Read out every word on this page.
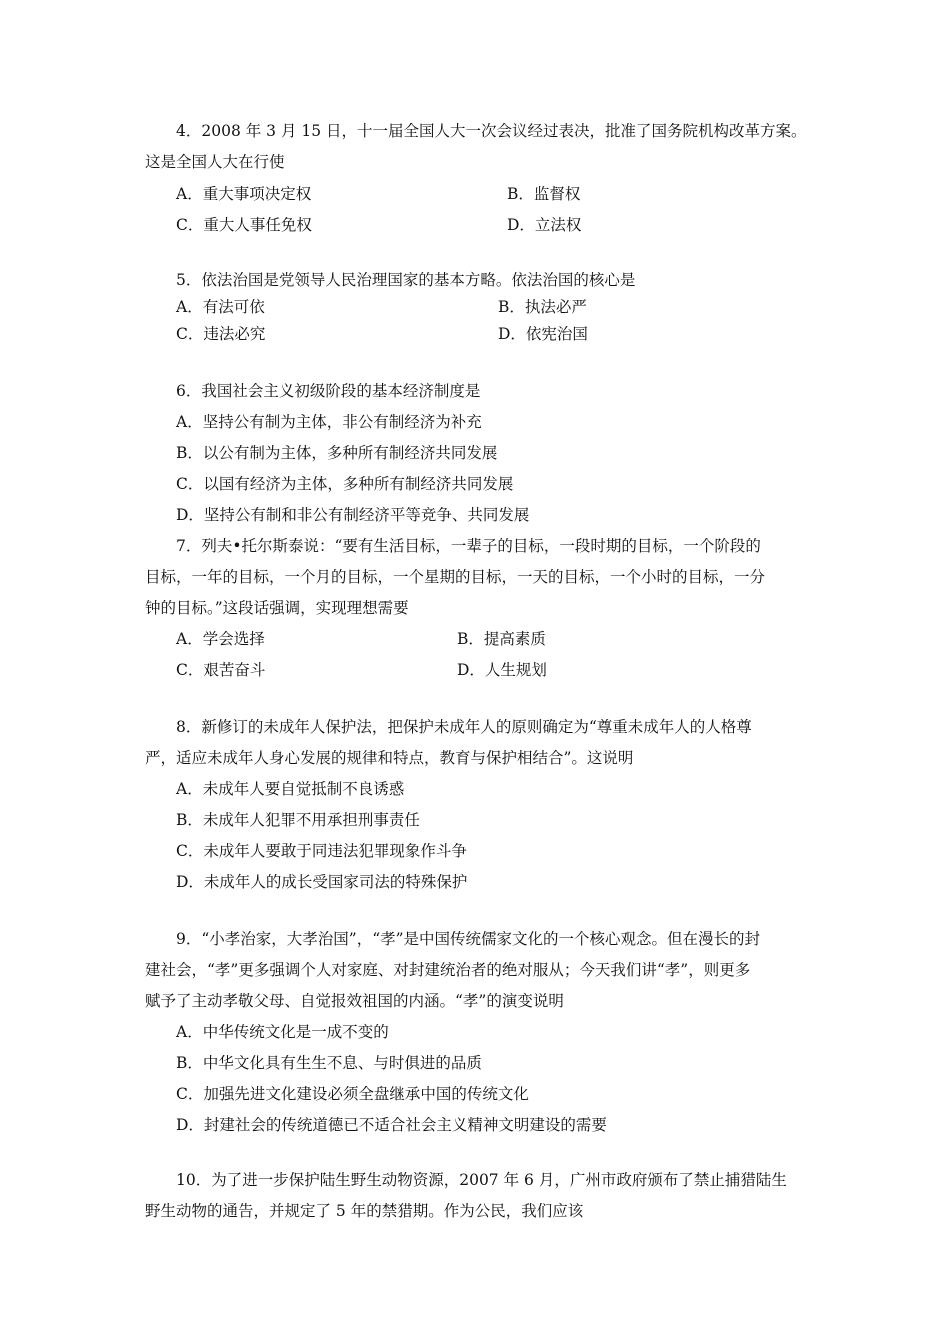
4．2008 年 3 月 15 日，十一届全国人大一次会议经过表决，批准了国务院机构改革方案。
这是全国人大在行使
A．重大事项决定权	B．监督权
C．重大人事任免权	D．立法权
5．依法治国是党领导人民治理国家的基本方略。依法治国的核心是
A．有法可依	B．执法必严
C．违法必究	D．依宪治国
6．我国社会主义初级阶段的基本经济制度是
A．坚持公有制为主体，非公有制经济为补充
B．以公有制为主体，多种所有制经济共同发展
C．以国有经济为主体，多种所有制经济共同发展
D．坚持公有制和非公有制经济平等竞争、共同发展
7．列夫•托尔斯泰说：“要有生活目标，一辈子的目标，一段时期的目标，一个阶段的
目标，一年的目标，一个月的目标，一个星期的目标，一天的目标，一个小时的目标，一分
钟的目标。”这段话强调，实现理想需要
A．学会选择	B．提高素质
C．艰苦奋斗	D．人生规划
8．新修订的未成年人保护法，把保护未成年人的原则确定为“尊重未成年人的人格尊
严，适应未成年人身心发展的规律和特点，教育与保护相结合”。这说明
A．未成年人要自觉抵制不良诱惑
B．未成年人犯罪不用承担刑事责任
C．未成年人要敢于同违法犯罪现象作斗争
D．未成年人的成长受国家司法的特殊保护
9．“小孝治家，大孝治国”，“孝”是中国传统儒家文化的一个核心观念。但在漫长的封
建社会，“孝”更多强调个人对家庭、对封建统治者的绝对服从；今天我们讲“孝”，则更多
赋予了主动孝敬父母、自觉报效祖国的内涵。“孝”的演变说明
A．中华传统文化是一成不变的
B．中华文化具有生生不息、与时俱进的品质
C．加强先进文化建设必须全盘继承中国的传统文化
D．封建社会的传统道德已不适合社会主义精神文明建设的需要
10．为了进一步保护陆生野生动物资源，2007 年 6 月，广州市政府颁布了禁止捕猎陆生
野生动物的通告，并规定了 5 年的禁猎期。作为公民，我们应该
